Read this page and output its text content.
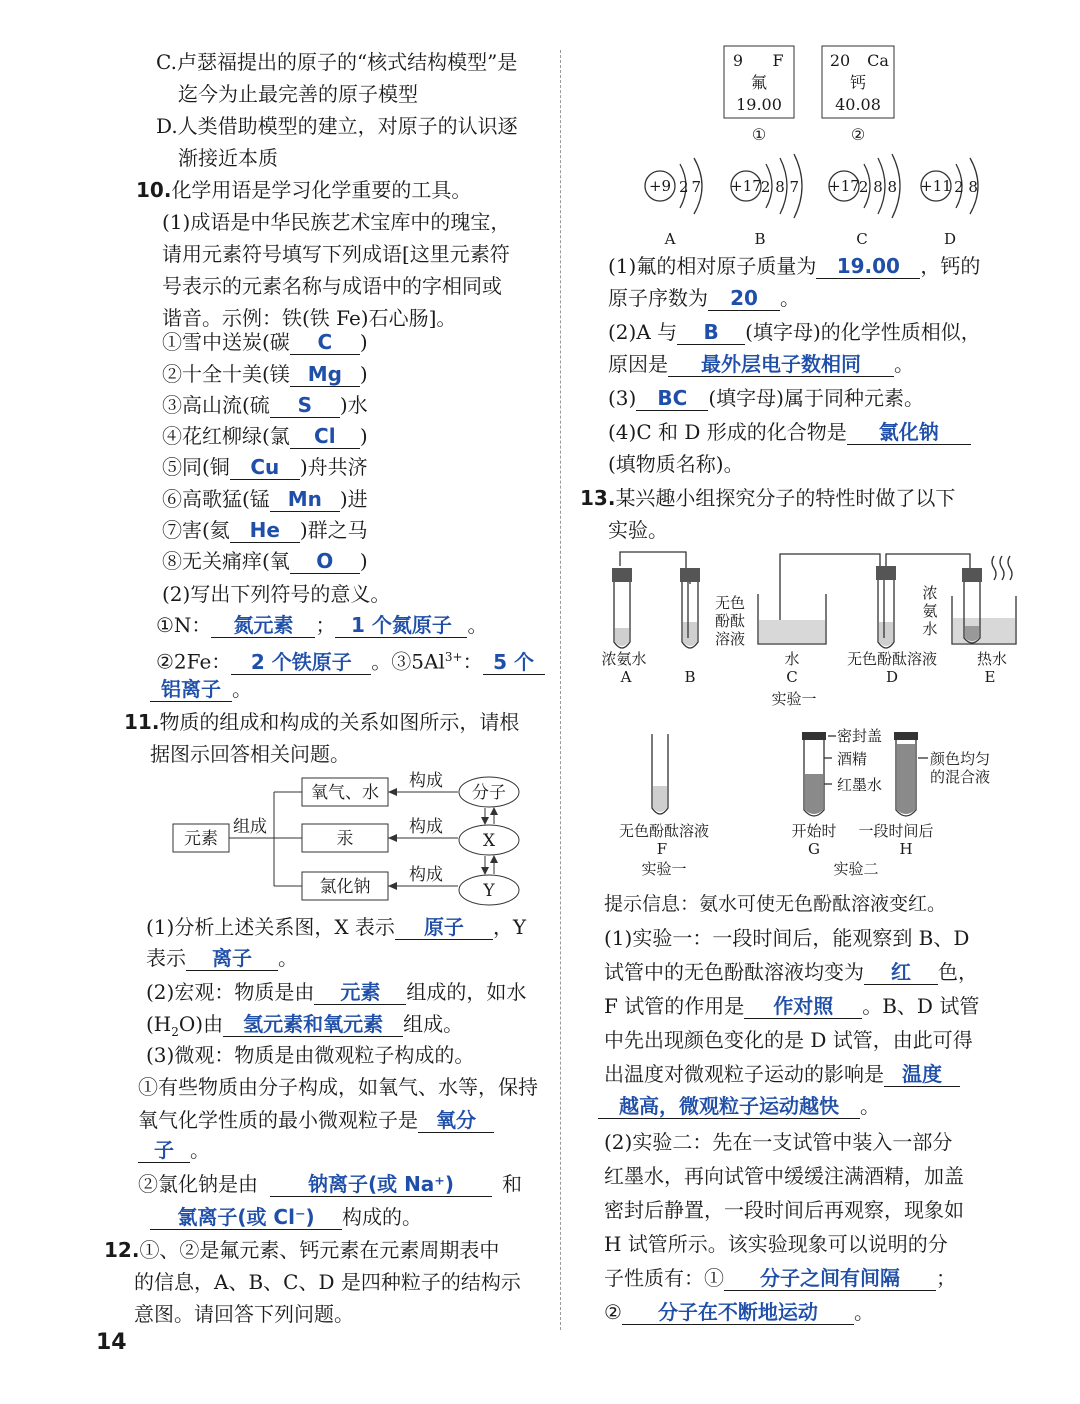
C.卢瑟福提出的原子的“核式结构模型”是
迄今为止最完善的原子模型
D.人类借助模型的建立，对原子的认识逐
渐接近本质
10.化学用语是学习化学重要的工具。
(1)成语是中华民族艺术宝库中的瑰宝，
请用元素符号填写下列成语[这里元素符
号表示的元素名称与成语中的字相同或
谐音。示例：铁(铁 Fe)石心肠]。
①雪中送炭(碳 C )
②十全十美(镁 Mg )
③高山流(硫 S )水
④花红柳绿(氯 Cl )
⑤同(铜 Cu )舟共济
⑥高歌猛(锰 Mn )进
⑦害(氦 He )群之马
⑧无关痛痒(氧 O )
(2)写出下列符号的意义。
①N： 氮元素 ； 1 个氮原子 。
②2Fe： 2 个铁原子 。$③5Al^{3+}$： 5 个
铝离子 。
11.物质的组成和构成的关系如图所示，请根
据图示回答相关问题。
元素
组成
氧气、水
汞
氯化钠
构成
构成
构成
分子
X
Y
(1)分析上述关系图，X 表示 原子 ，Y
表示 离子 。
(2)宏观：物质是由 元素 组成的，如水
$(H_2O)$由 氢元素和氧元素 组成。
(3)微观：物质是由微观粒子构成的。
①有些物质由分子构成，如氧气、水等，保持
氧气化学性质的最小微观粒子是 氧分
子 。
②氯化钠是由 钠离子(或 Na⁺) 和
氯离子(或 Cl⁻) 构成的。
12.①、②是氟元素、钙元素在元素周期表中
的信息，A、B、C、D 是四种粒子的结构示
意图。请回答下列问题。
14
9 F
氟
19.00
①
20 Ca
钙
40.08
②
+9 2 7
A
+17 2 8 7
B
+17 2 8 8
C
+11 2 8
D
(1)氟的相对原子质量为 19.00 ，钙的
原子序数为 20 。
(2)A 与 B (填字母)的化学性质相似，
原因是 最外层电子数相同 。
(3) BC (填字母)属于同种元素。
(4)C 和 D 形成的化合物是 氯化钠
(填物质名称)。
13.某兴趣小组探究分子的特性时做了以下
实验。
浓氨水
A	B
无色
酚酞
溶液
水
C
无色酚酞溶液
D
浓
氨
水
热水
E
实验一
无色酚酞溶液
F
实验一
开始时
G
一段时间后
H
密封盖
酒精
红墨水
颜色均匀
的混合液
实验二
提示信息：氨水可使无色酚酞溶液变红。
(1)实验一：一段时间后，能观察到 B、D
试管中的无色酚酞溶液均变为 红 色，
F 试管的作用是 作对照 。B、D 试管
中先出现颜色变化的是 D 试管，由此可得
出温度对微观粒子运动的影响是 温度
越高，微观粒子运动越快 。
(2)实验二：先在一支试管中装入一部分
红墨水，再向试管中缓缓注满酒精，加盖
密封后静置，一段时间后再观察，现象如
H 试管所示。该实验现象可以说明的分
子性质有：① 分子之间有间隔 ；
② 分子在不断地运动 。
